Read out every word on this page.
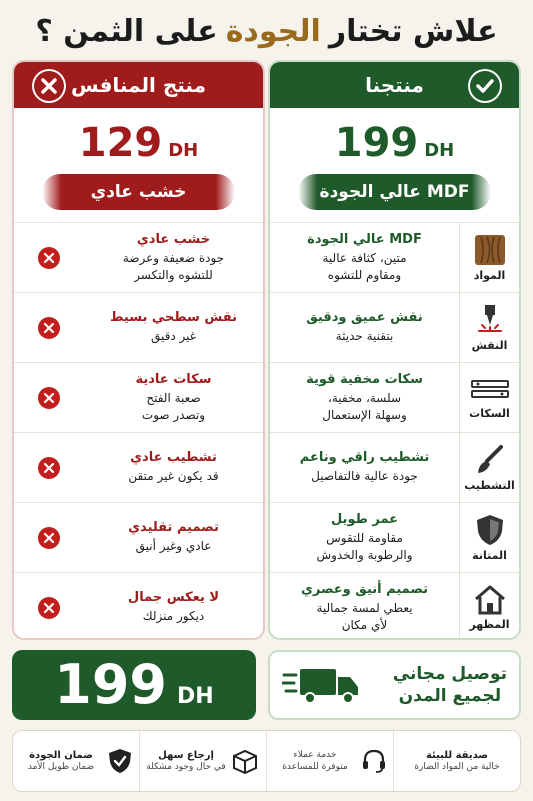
علاش تختار
الجودة
على الثمن ؟
منتجنا
199 DH
MDF عالي الجودة
المواد
MDF عالي الجودة
متين، كثافة عالية
ومقاوم للتشوه
النقش
نقش عميق ودقيق
بتقنية حديثة
السكات
سكات مخفية قوية
سلسة، مخفية،
وسهلة الإستعمال
التشطيب
تشطيب راقي وناعم
جودة عالية فالتفاصيل
المتانة
عمر طويل
مقاومة للتقوس
والرطوبة والخدوش
المظهر
تصميم أنيق وعصري
يعطي لمسة جمالية
لأي مكان
منتج المنافس
129 DH
خشب عادي
خشب عادي
جودة ضعيفة وعرضة
للتشوه والتكسر
نقش سطحي بسيط
غير دقيق
سكات عادية
صعبة الفتح
وتصدر صوت
تشطيب عادي
قد يكون غير متقن
تصميم تقليدي
عادي وغير أنيق
لا يعكس جمال
ديكور منزلك
199 DH
توصيل مجاني
لجميع المدن
صديقة للبيئة
خالية من المواد الضارة
خدمة عملاء
متوفرة للمساعدة
إرجاع سهل
في حال وجود مشكلة
ضمان الجودة
ضمان طويل الأمد
